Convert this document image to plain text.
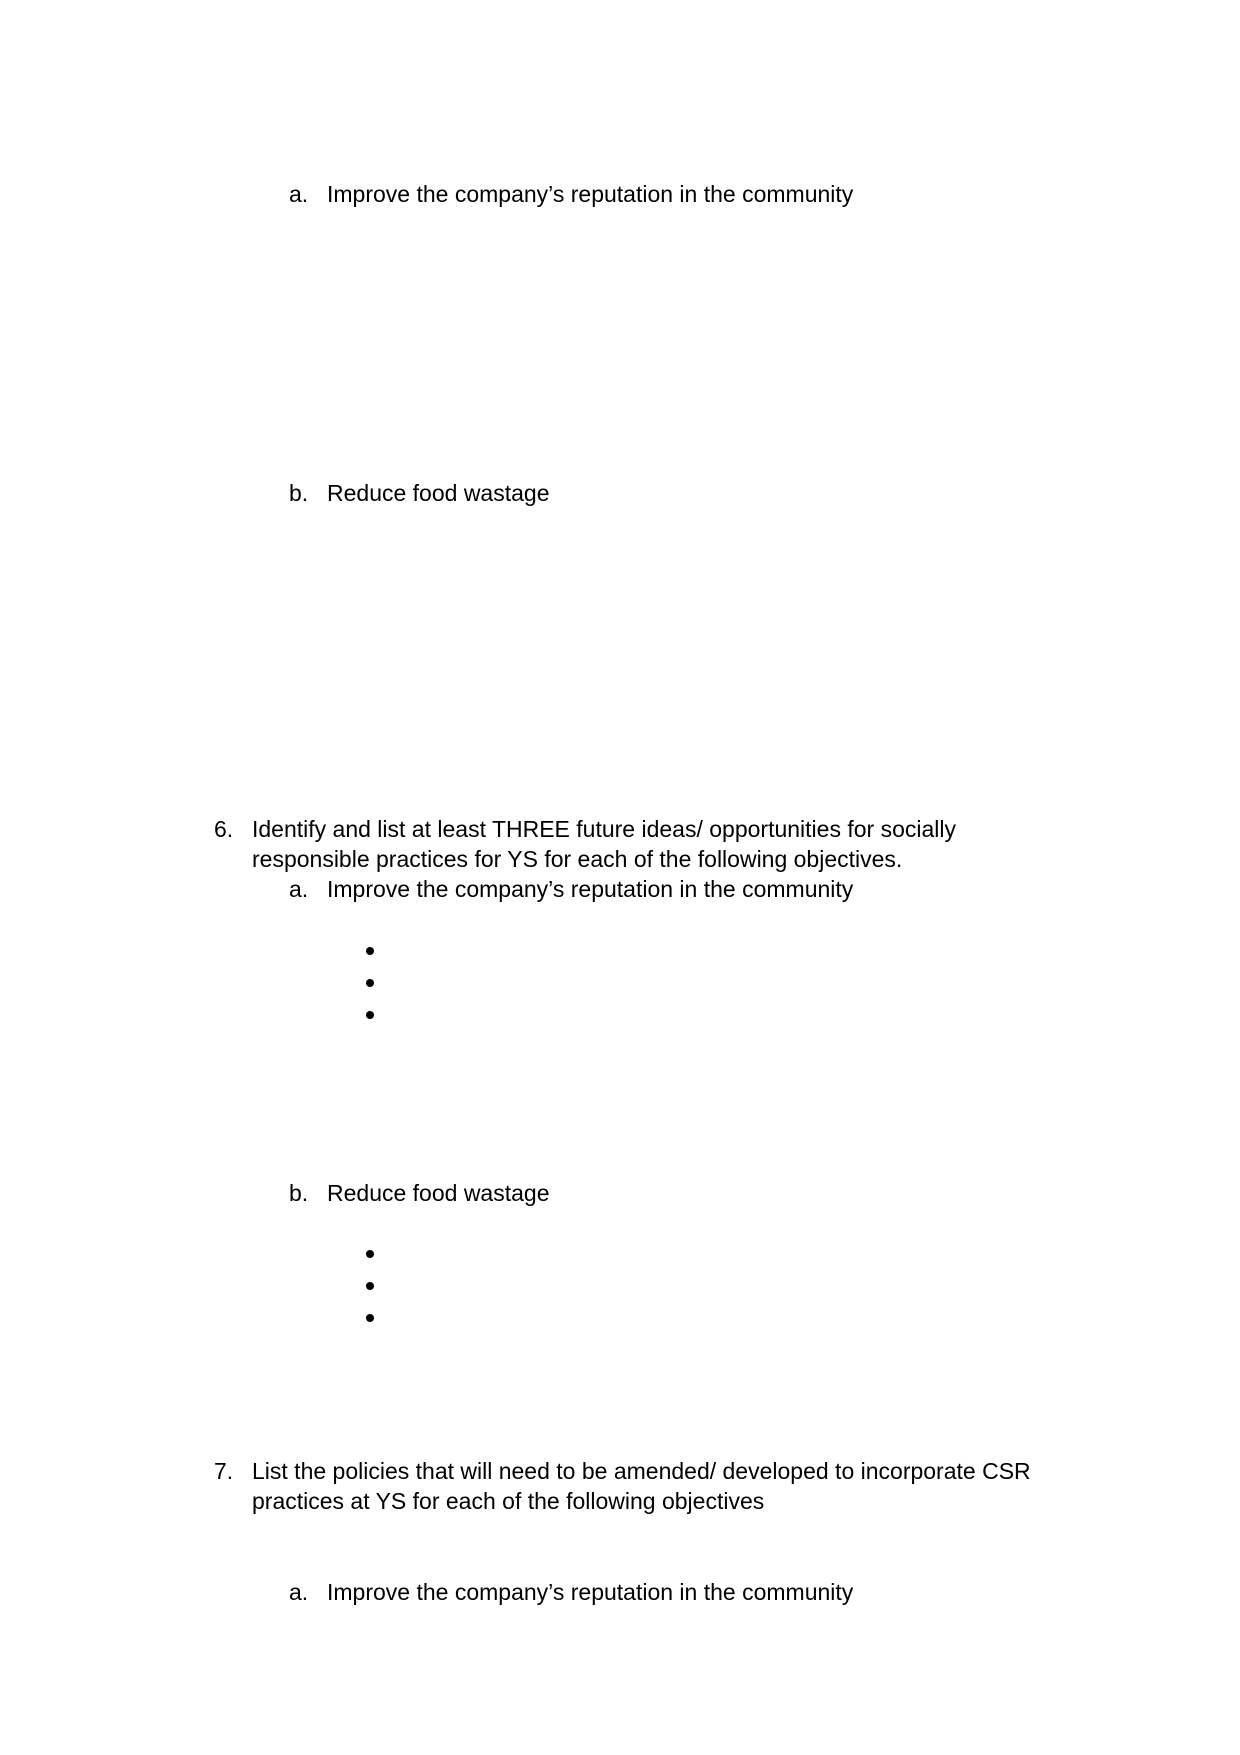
a. Improve the company’s reputation in the community
b. Reduce food wastage
6. Identify and list at least THREE future ideas/ opportunities for socially
responsible practices for YS for each of the following objectives.
a. Improve the company’s reputation in the community
b. Reduce food wastage
7. List the policies that will need to be amended/ developed to incorporate CSR
practices at YS for each of the following objectives
a. Improve the company’s reputation in the community
